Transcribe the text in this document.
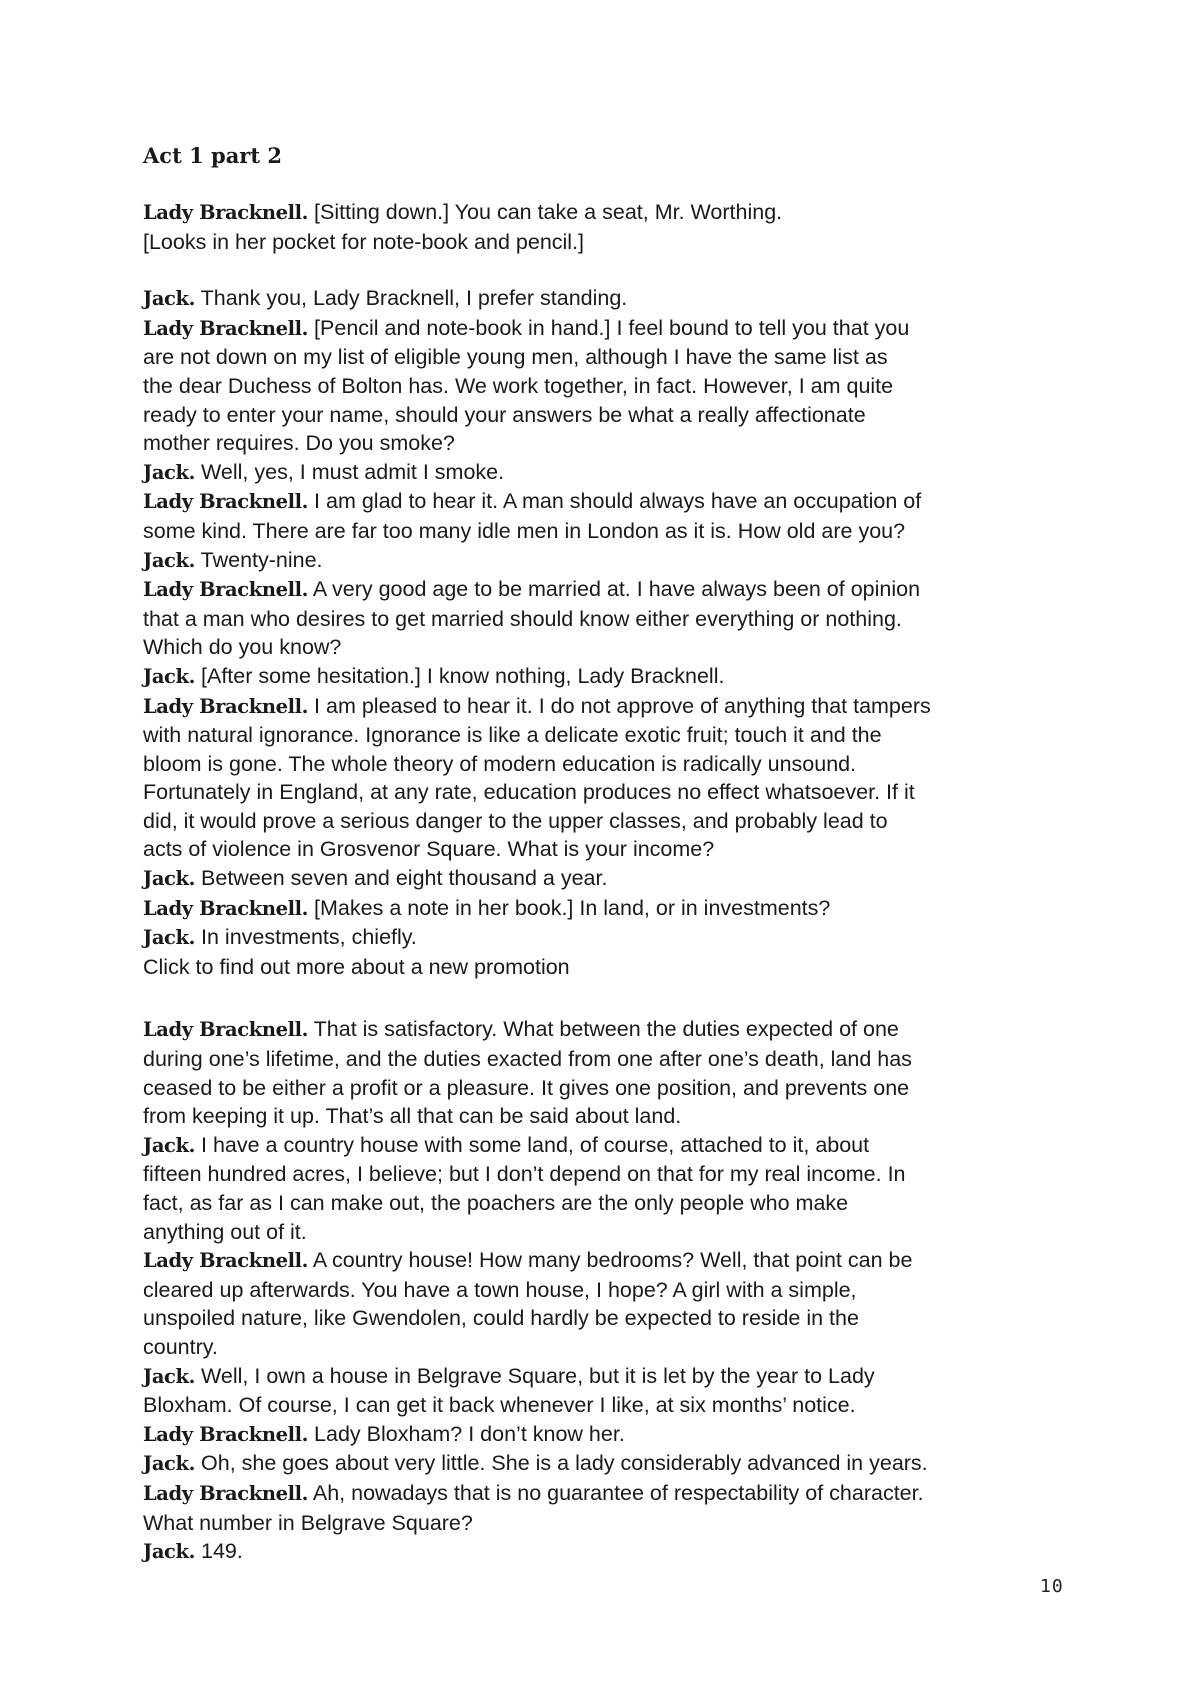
Act 1 part 2

Lady Bracknell. [Sitting down.] You can take a seat, Mr. Worthing.

[Looks in her pocket for note-book and pencil.]

Jack. Thank you, Lady Bracknell, I prefer standing.

Lady Bracknell. [Pencil and note-book in hand.] I feel bound to tell you that you

are not down on my list of eligible young men, although I have the same list as

the dear Duchess of Bolton has. We work together, in fact. However, I am quite

ready to enter your name, should your answers be what a really affectionate

mother requires. Do you smoke?

Jack. Well, yes, I must admit I smoke.

Lady Bracknell. I am glad to hear it. A man should always have an occupation of

some kind. There are far too many idle men in London as it is. How old are you?

Jack. Twenty-nine.

Lady Bracknell. A very good age to be married at. I have always been of opinion

that a man who desires to get married should know either everything or nothing.

Which do you know?

Jack. [After some hesitation.] I know nothing, Lady Bracknell.

Lady Bracknell. I am pleased to hear it. I do not approve of anything that tampers

with natural ignorance. Ignorance is like a delicate exotic fruit; touch it and the

bloom is gone. The whole theory of modern education is radically unsound.

Fortunately in England, at any rate, education produces no effect whatsoever. If it

did, it would prove a serious danger to the upper classes, and probably lead to

acts of violence in Grosvenor Square. What is your income?

Jack. Between seven and eight thousand a year.

Lady Bracknell. [Makes a note in her book.] In land, or in investments?

Jack. In investments, chiefly.

Click to find out more about a new promotion

Lady Bracknell. That is satisfactory. What between the duties expected of one

during one’s lifetime, and the duties exacted from one after one’s death, land has

ceased to be either a profit or a pleasure. It gives one position, and prevents one

from keeping it up. That’s all that can be said about land.

Jack. I have a country house with some land, of course, attached to it, about

fifteen hundred acres, I believe; but I don’t depend on that for my real income. In

fact, as far as I can make out, the poachers are the only people who make

anything out of it.

Lady Bracknell. A country house! How many bedrooms? Well, that point can be

cleared up afterwards. You have a town house, I hope? A girl with a simple,

unspoiled nature, like Gwendolen, could hardly be expected to reside in the

country.

Jack. Well, I own a house in Belgrave Square, but it is let by the year to Lady

Bloxham. Of course, I can get it back whenever I like, at six months’ notice.

Lady Bracknell. Lady Bloxham? I don’t know her.

Jack. Oh, she goes about very little. She is a lady considerably advanced in years.

Lady Bracknell. Ah, nowadays that is no guarantee of respectability of character.

What number in Belgrave Square?

Jack. 149.

10
